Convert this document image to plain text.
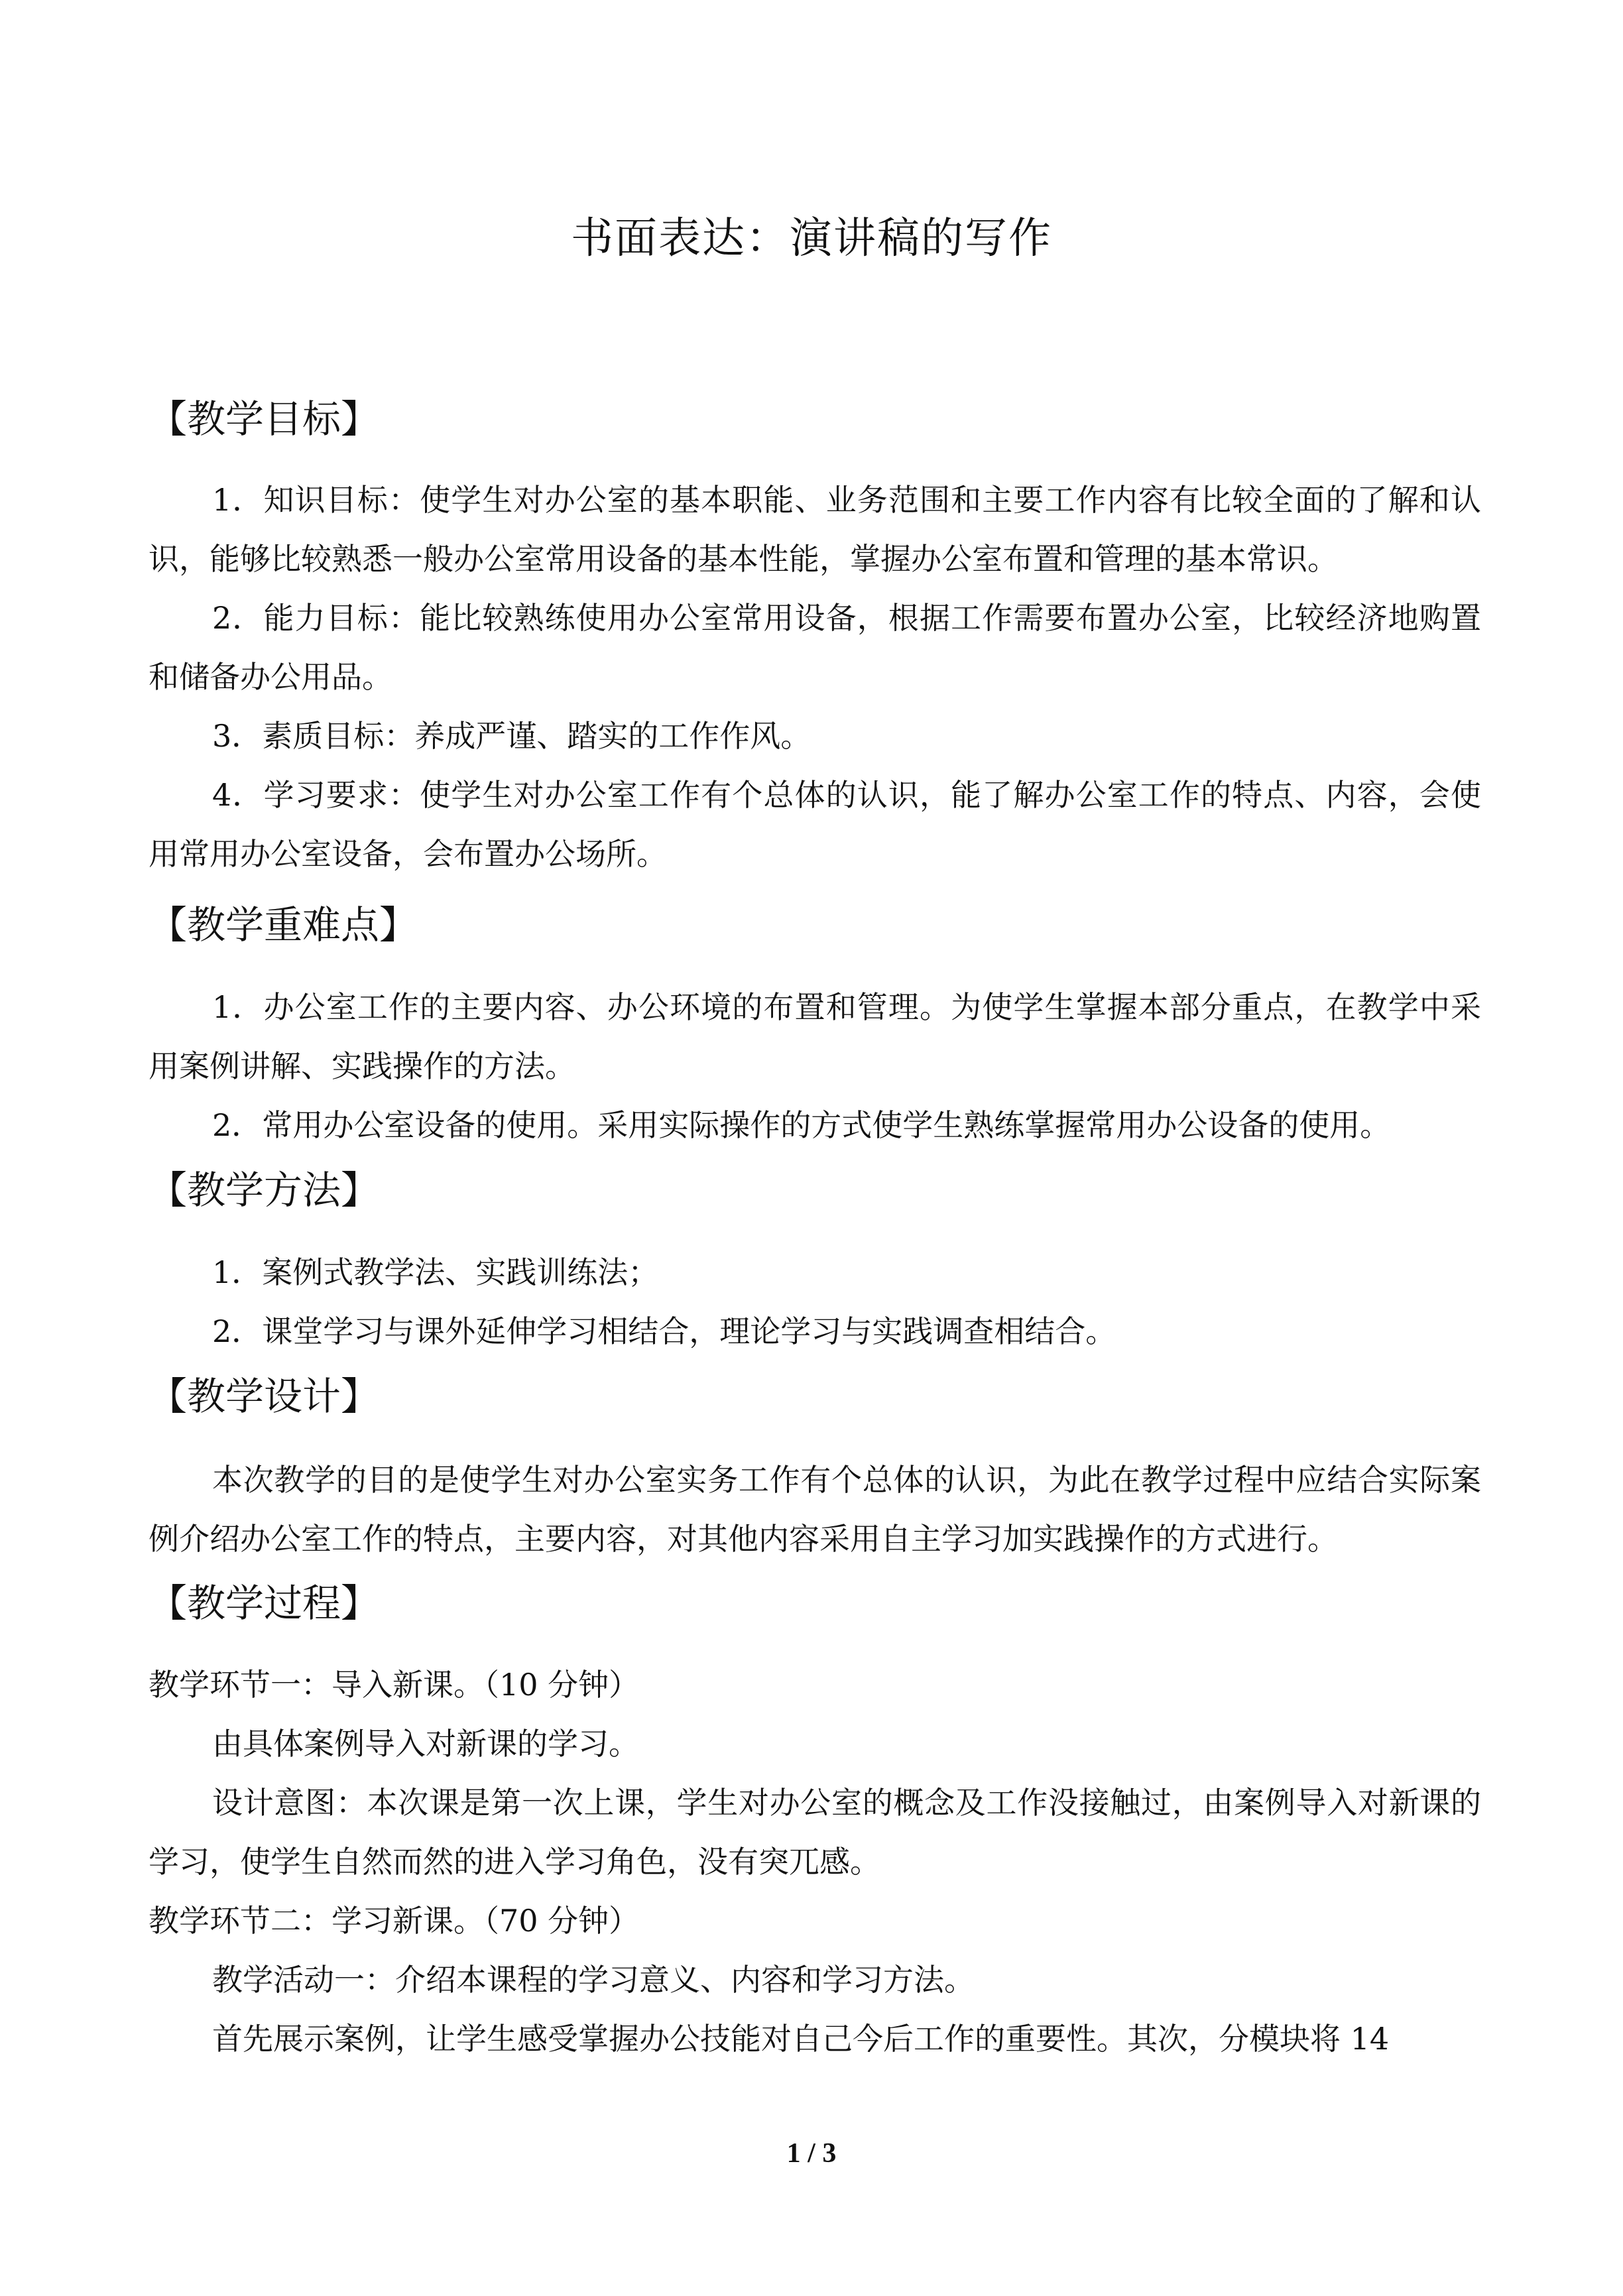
书面表达：演讲稿的写作
【教学目标】

1．知识目标：使学生对办公室的基本职能、业务范围和主要工作内容有比较全面的了解和认识，能够比较熟悉一般办公室常用设备的基本性能，掌握办公室布置和管理的基本常识。

2．能力目标：能比较熟练使用办公室常用设备，根据工作需要布置办公室，比较经济地购置和储备办公用品。

3．素质目标：养成严谨、踏实的工作作风。

4．学习要求：使学生对办公室工作有个总体的认识，能了解办公室工作的特点、内容，会使用常用办公室设备，会布置办公场所。

【教学重难点】

1．办公室工作的主要内容、办公环境的布置和管理。为使学生掌握本部分重点，在教学中采用案例讲解、实践操作的方法。

2．常用办公室设备的使用。采用实际操作的方式使学生熟练掌握常用办公设备的使用。

【教学方法】

1．案例式教学法、实践训练法；

2．课堂学习与课外延伸学习相结合，理论学习与实践调查相结合。

【教学设计】

本次教学的目的是使学生对办公室实务工作有个总体的认识，为此在教学过程中应结合实际案例介绍办公室工作的特点，主要内容，对其他内容采用自主学习加实践操作的方式进行。

【教学过程】

教学环节一：导入新课。（10 分钟）

由具体案例导入对新课的学习。

设计意图：本次课是第一次上课，学生对办公室的概念及工作没接触过，由案例导入对新课的学习，使学生自然而然的进入学习角色，没有突兀感。

教学环节二：学习新课。（70 分钟）

教学活动一：介绍本课程的学习意义、内容和学习方法。

首先展示案例，让学生感受掌握办公技能对自己今后工作的重要性。其次，分模块将 14

1 / 3
